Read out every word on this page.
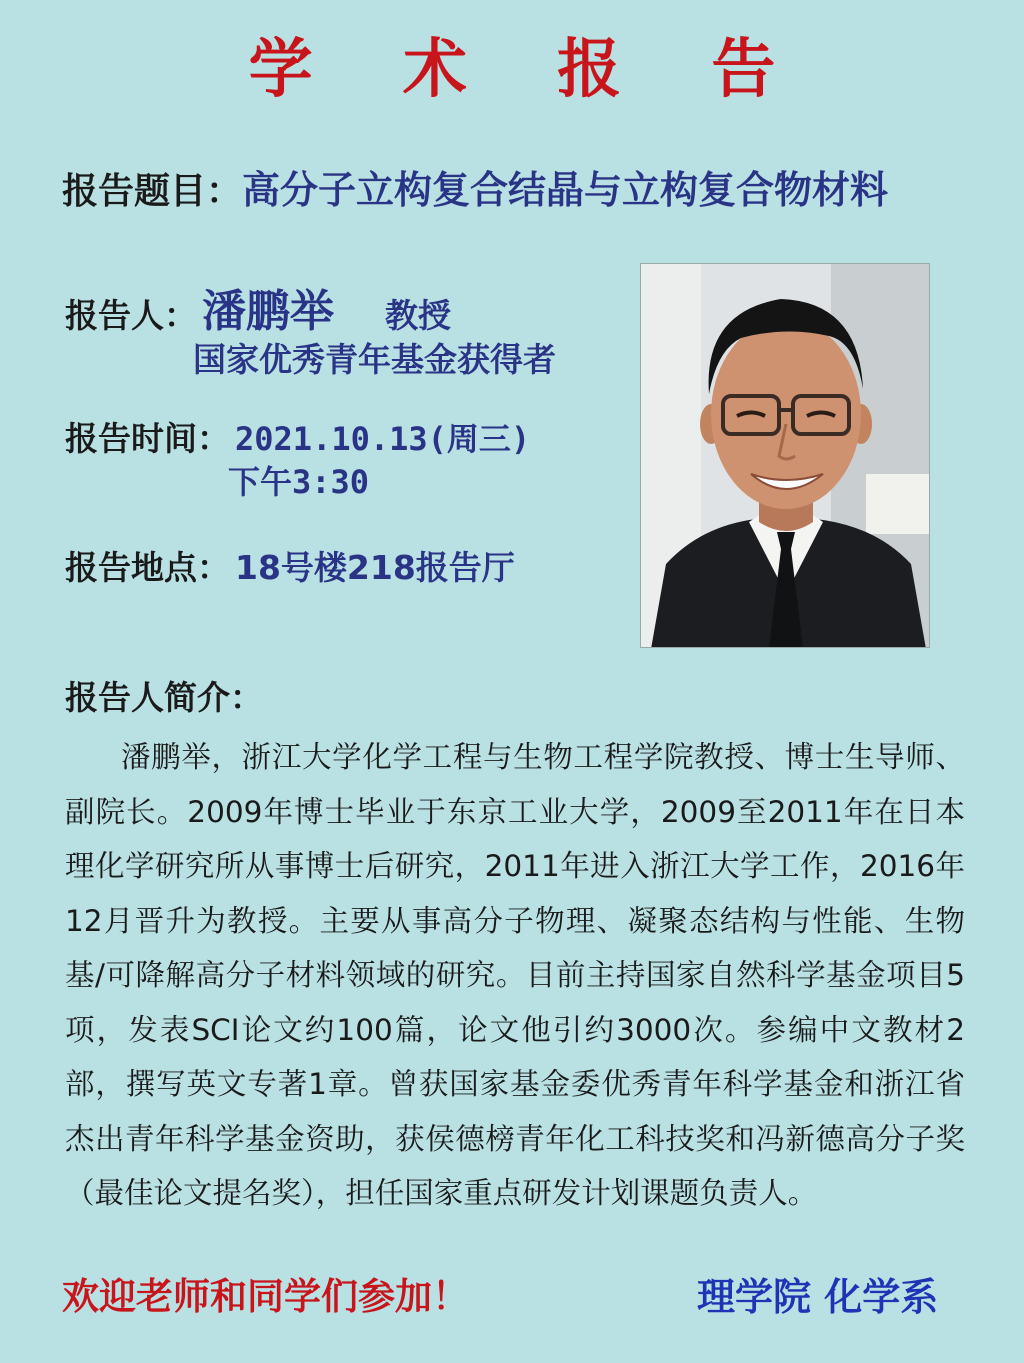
学 术 报 告
报告题目：高分子立构复合结晶与立构复合物材料
报告人： 潘鹏举 教授
国家优秀青年基金获得者
报告时间： 2021.10.13(周三)
下午3:30
报告地点： 18号楼218报告厅
报告人简介：
潘鹏举，浙江大学化学工程与生物工程学院教授、博士生导师、副院长。2009年博士毕业于东京工业大学，2009至2011年在日本理化学研究所从事博士后研究，2011年进入浙江大学工作，2016年12月晋升为教授。主要从事高分子物理、凝聚态结构与性能、生物基/可降解高分子材料领域的研究。目前主持国家自然科学基金项目5项，发表SCI论文约100篇，论文他引约3000次。参编中文教材2部，撰写英文专著1章。曾获国家基金委优秀青年科学基金和浙江省杰出青年科学基金资助，获侯德榜青年化工科技奖和冯新德高分子奖（最佳论文提名奖），担任国家重点研发计划课题负责人。
欢迎老师和同学们参加！	理学院 化学系
